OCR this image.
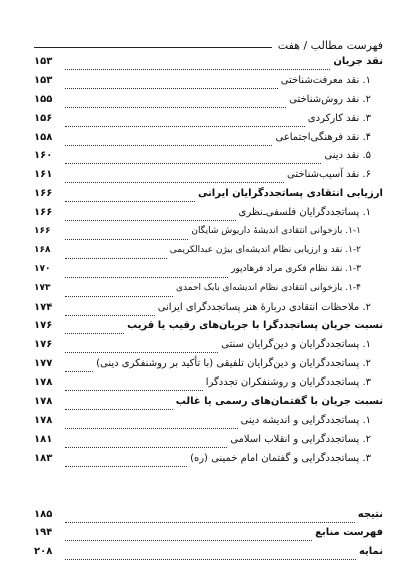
فهرست مطالب / هفت
نقد جریان
۱۵۳
۱. نقد معرفت‌شناختی
۱۵۳
۲. نقد روش‌شناختی
۱۵۵
۳. نقد کارکردی
۱۵۶
۴. نقد فرهنگی‌اجتماعی
۱۵۸
۵. نقد دینی
۱۶۰
۶. نقد آسیب‌شناختی
۱۶۱
ارزیابی انتقادی پساتجددگرایان ایرانی
۱۶۶
۱. پساتجددگرایان فلسفی‌ـ‌نظری
۱۶۶
۱-۱. بازخوانی انتقادی اندیشهٔ داریوش شایگان
۱۶۶
۱-۲. نقد و ارزیابی نظام اندیشه‌ای بیژن عبدالکریمی
۱۶۸
۱-۳. نقد نظام فکری مراد فرهادپور
۱۷۰
۱-۴. بازخوانی انتقادی نظام اندیشه‌ای بابک احمدی
۱۷۳
۲. ملاحظات انتقادی دربارهٔ هنر پساتجددگرای ایرانی
۱۷۴
نسبت جریان پساتجددگرا با جریان‌های رقیب یا قریب
۱۷۶
۱. پساتجددگرایان و دین‌گرایان سنتی
۱۷۶
۲. پساتجددگرایان و دین‌گرایان تلفیقی (با تأکید بر روشنفکری دینی)
۱۷۷
۳. پساتجددگرایان و روشنفکران تجددگرا
۱۷۸
نسبت جریان با گفتمان‌های رسمی یا غالب
۱۷۸
۱. پساتجددگرایی و اندیشه دینی
۱۷۸
۲. پساتجددگرایی و انقلاب اسلامی
۱۸۱
۳. پساتجددگرایی و گفتمان امام خمینی (ره)
۱۸۳
نتیجه
۱۸۵
فهرست منابع
۱۹۴
نمایه
۲۰۸
